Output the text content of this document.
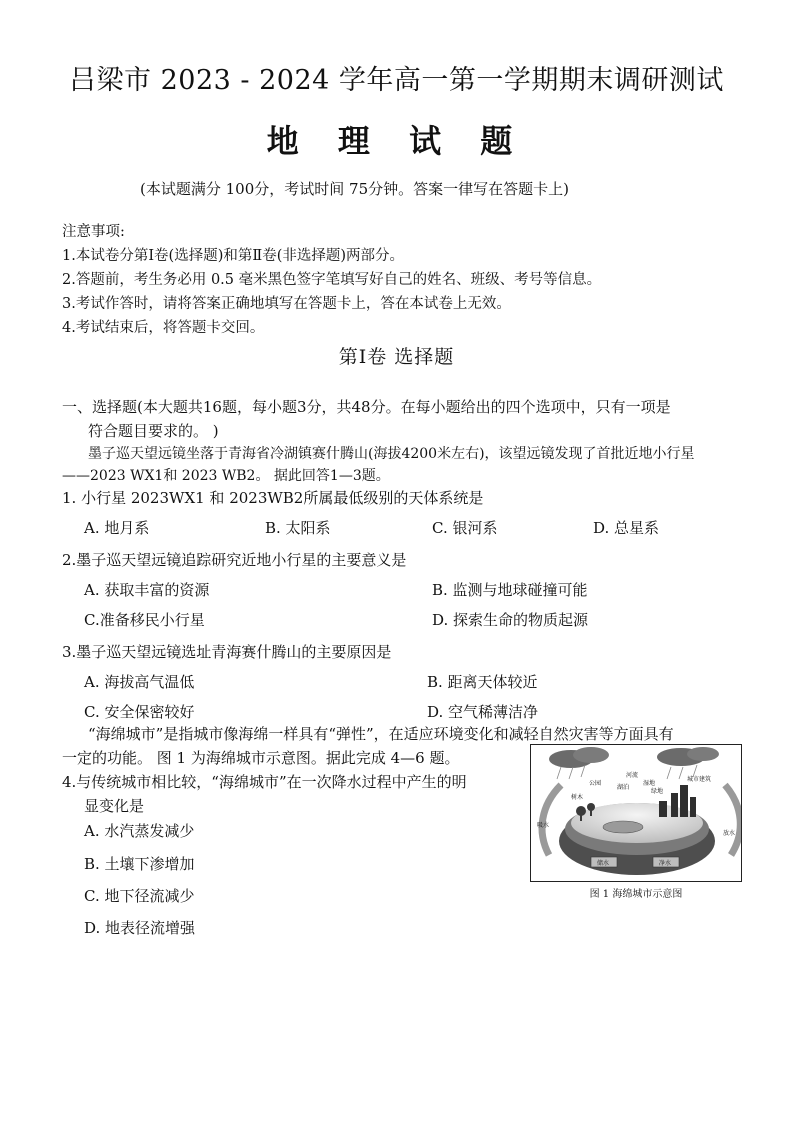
吕梁市 2023 - 2024 学年高一第一学期期末调研测试
地 理 试 题
(本试题满分 100分，考试时间 75分钟。答案一律写在答题卡上)
注意事项:
1.本试卷分第Ⅰ卷(选择题)和第Ⅱ卷(非选择题)两部分。
2.答题前，考生务必用 0.5 毫米黑色签字笔填写好自己的姓名、班级、考号等信息。
3.考试作答时，请将答案正确地填写在答题卡上，答在本试卷上无效。
4.考试结束后，将答题卡交回。
第Ⅰ卷 选择题
一、选择题(本大题共16题，每小题3分，共48分。在每小题给出的四个选项中，只有一项是
符合题目要求的。 )
墨子巡天望远镜坐落于青海省冷湖镇赛什腾山(海拔4200米左右)，该望远镜发现了首批近地小行星
——2023 WX1和 2023 WB2。 据此回答1—3题。
1. 小行星 2023WX1 和 2023WB2所属最低级别的天体系统是
A. 地月系	B. 太阳系	C. 银河系	D. 总星系
2.墨子巡天望远镜追踪研究近地小行星的主要意义是
A. 获取丰富的资源	B. 监测与地球碰撞可能
C.准备移民小行星	D. 探索生命的物质起源
3.墨子巡天望远镜选址青海赛什腾山的主要原因是
A. 海拔高气温低	B. 距离天体较近
C. 安全保密较好	D. 空气稀薄洁净
“海绵城市”是指城市像海绵一样具有“弹性”，在适应环境变化和减轻自然灾害等方面具有
一定的功能。 图 1 为海绵城市示意图。据此完成 4—6 题。
4.与传统城市相比较，“海绵城市”在一次降水过程中产生的明
显变化是
A. 水汽蒸发减少
B. 土壤下渗增加
C. 地下径流减少
D. 地表径流增强
河流
公园
湖泊
湿地
城市建筑
树木
绿地
吸水
放水
储水	净水
图 1 海绵城市示意图
